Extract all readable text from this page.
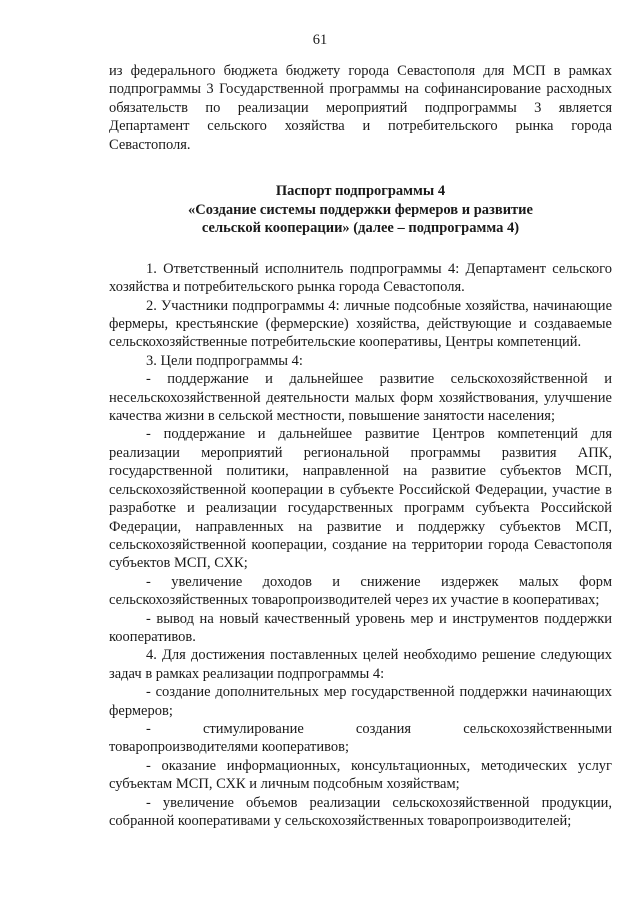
61

из федерального бюджета бюджету города Севастополя для МСП в рамках подпрограммы 3 Государственной программы на софинансирование расходных обязательств по реализации мероприятий подпрограммы 3 является Департамент сельского хозяйства и потребительского рынка города Севастополя.

Паспорт подпрограммы 4
«Создание системы поддержки фермеров и развитие
сельской кооперации» (далее – подпрограмма 4)

1. Ответственный исполнитель подпрограммы 4: Департамент сельского хозяйства и потребительского рынка города Севастополя.

2. Участники подпрограммы 4: личные подсобные хозяйства, начинающие фермеры, крестьянские (фермерские) хозяйства, действующие и создаваемые сельскохозяйственные потребительские кооперативы, Центры компетенций.

3. Цели подпрограммы 4:

- поддержание и дальнейшее развитие сельскохозяйственной и несельскохозяйственной деятельности малых форм хозяйствования, улучшение качества жизни в сельской местности, повышение занятости населения;

- поддержание и дальнейшее развитие Центров компетенций для реализации мероприятий региональной программы развития АПК, государственной политики, направленной на развитие субъектов МСП, сельскохозяйственной кооперации в субъекте Российской Федерации, участие в разработке и реализации государственных программ субъекта Российской Федерации, направленных на развитие и поддержку субъектов МСП, сельскохозяйственной кооперации, создание на территории города Севастополя субъектов МСП, СХК;

- увеличение доходов и снижение издержек малых форм сельскохозяйственных товаропроизводителей через их участие в кооперативах;

- вывод на новый качественный уровень мер и инструментов поддержки кооперативов.

4. Для достижения поставленных целей необходимо решение следующих задач в рамках реализации подпрограммы 4:

- создание дополнительных мер государственной поддержки начинающих фермеров;

- стимулирование создания сельскохозяйственными товаропроизводителями кооперативов;

- оказание информационных, консультационных, методических услуг субъектам МСП, СХК и личным подсобным хозяйствам;

- увеличение объемов реализации сельскохозяйственной продукции, собранной кооперативами у сельскохозяйственных товаропроизводителей;
